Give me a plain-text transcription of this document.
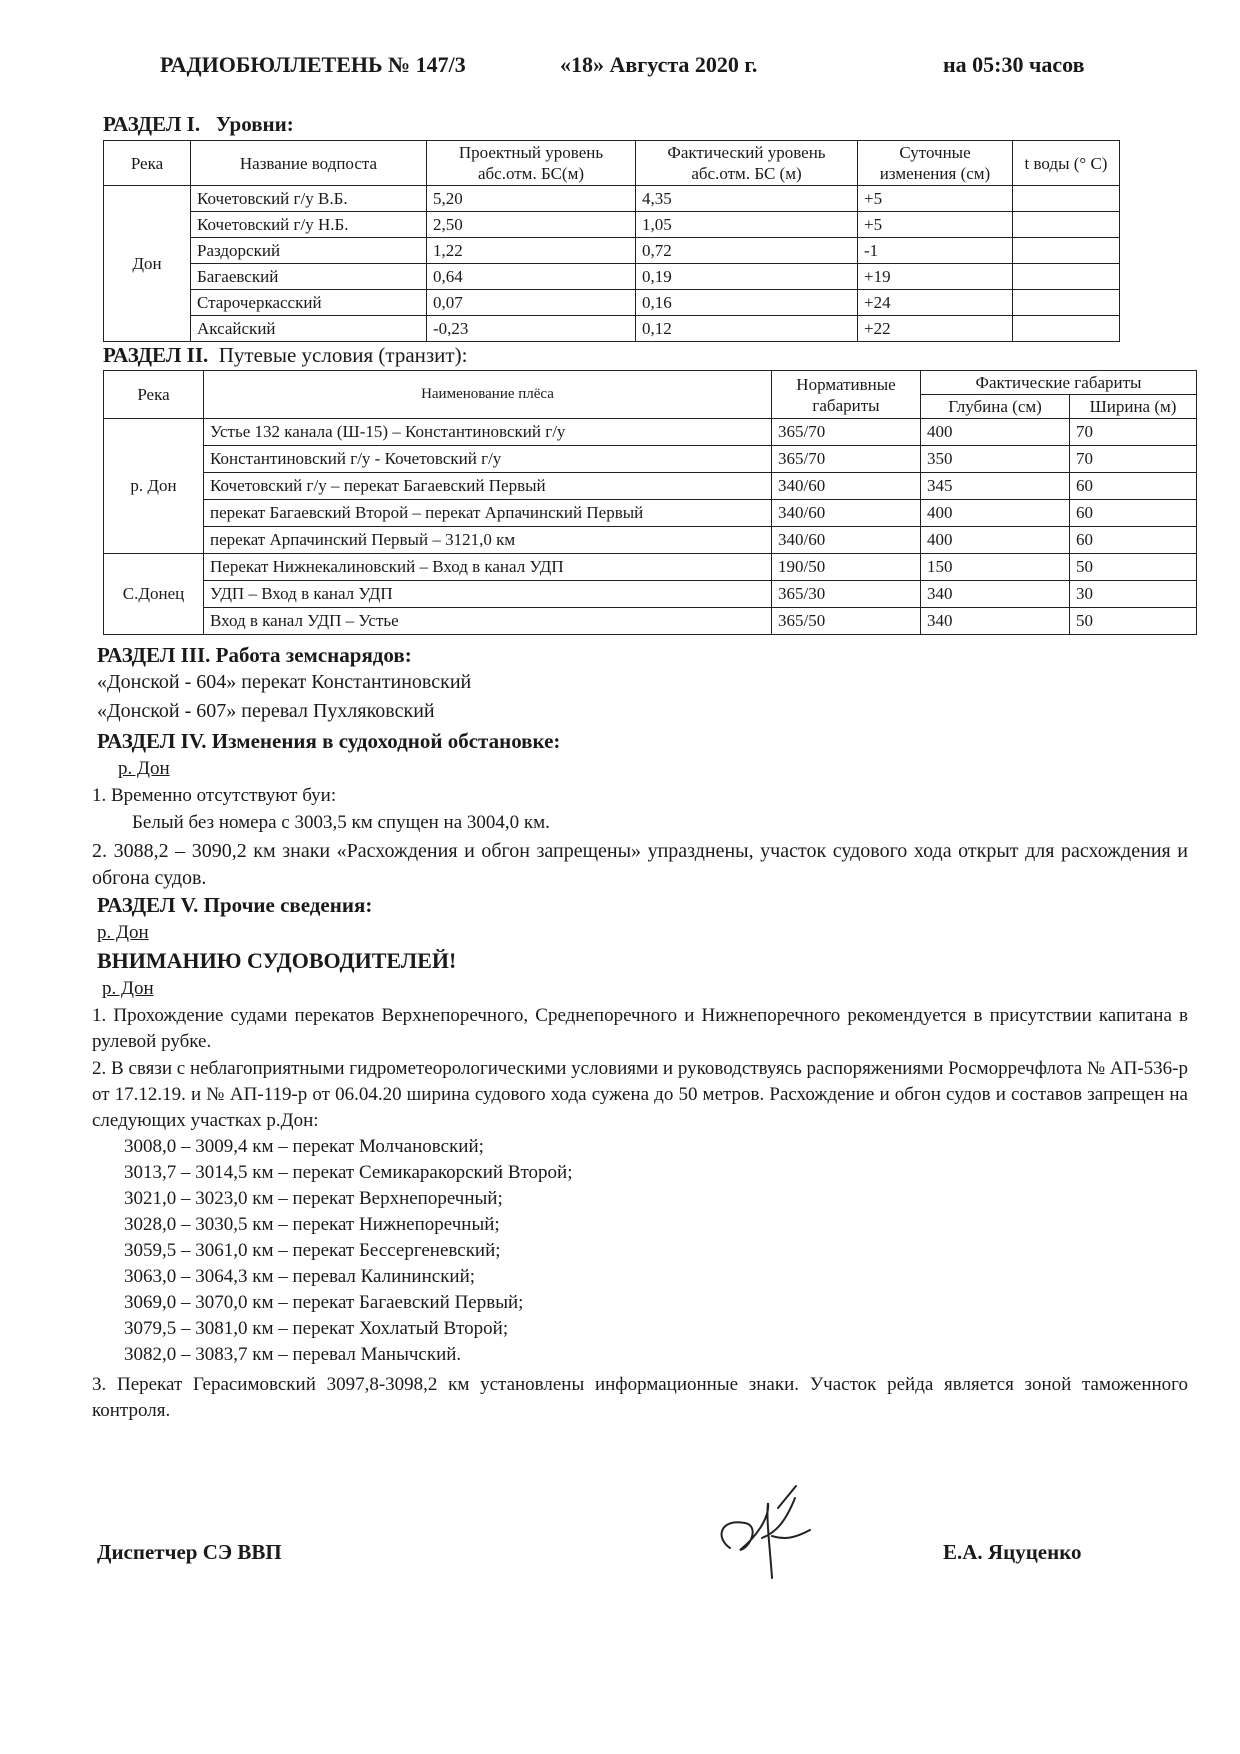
РАДИОБЮЛЛЕТЕНЬ № 147/3	«18» Августа 2020 г.	на 05:30 часов
РАЗДЕЛ I. Уровни:
Река	Название водпоста	Проектный уровень абс.отм. БС(м)	Фактический уровень абс.отм. БС (м)	Суточные изменения (см)	t воды (° C)
Дон	Кочетовский г/у В.Б.	5,20	4,35	+5	
	Кочетовский г/у Н.Б.	2,50	1,05	+5	
	Раздорский	1,22	0,72	-1	
	Багаевский	0,64	0,19	+19	
	Старочеркасский	0,07	0,16	+24	
	Аксайский	-0,23	0,12	+22	
РАЗДЕЛ II. Путевые условия (транзит):
Река	Наименование плёса	Нормативные габариты	Фактические габариты	
			Глубина (см)	Ширина (м)
р. Дон	Устье 132 канала (Ш-15) – Константиновский г/у	365/70	400	70
	Константиновский г/у - Кочетовский г/у	365/70	350	70
	Кочетовский г/у – перекат Багаевский Первый	340/60	345	60
	перекат Багаевский Второй – перекат Арпачинский Первый	340/60	400	60
	перекат Арпачинский Первый – 3121,0 км	340/60	400	60
С.Донец	Перекат Нижнекалиновский – Вход в канал УДП	190/50	150	50
	УДП – Вход в канал УДП	365/30	340	30
	Вход в канал УДП – Устье	365/50	340	50
РАЗДЕЛ III. Работа земснарядов:
«Донской - 604» перекат Константиновский
«Донской - 607» перевал Пухляковский
РАЗДЕЛ IV. Изменения в судоходной обстановке:
р. Дон
1. Временно отсутствуют буи:
Белый без номера с 3003,5 км спущен на 3004,0 км.
2. 3088,2 – 3090,2 км знаки «Расхождения и обгон запрещены» упразднены, участок судового хода открыт для расхождения и обгона судов.
РАЗДЕЛ V. Прочие сведения:
р. Дон
ВНИМАНИЮ СУДОВОДИТЕЛЕЙ!
р. Дон
1. Прохождение судами перекатов Верхнепоречного, Среднепоречного и Нижнепоречного рекомендуется в присутствии капитана в рулевой рубке.
2. В связи с неблагоприятными гидрометеорологическими условиями и руководствуясь распоряжениями Росморречфлота № АП-536-р от 17.12.19. и № АП-119-р от 06.04.20 ширина судового хода сужена до 50 метров. Расхождение и обгон судов и составов запрещен на следующих участках р.Дон:
3008,0 – 3009,4 км – перекат Молчановский;
3013,7 – 3014,5 км – перекат Семикаракорский Второй;
3021,0 – 3023,0 км – перекат Верхнепоречный;
3028,0 – 3030,5 км – перекат Нижнепоречный;
3059,5 – 3061,0 км – перекат Бессергеневский;
3063,0 – 3064,3 км – перевал Калининский;
3069,0 – 3070,0 км – перекат Багаевский Первый;
3079,5 – 3081,0 км – перекат Хохлатый Второй;
3082,0 – 3083,7 км – перевал Манычский.
3. Перекат Герасимовский 3097,8-3098,2 км установлены информационные знаки. Участок рейда является зоной таможенного контроля.
Диспетчер СЭ ВВП	Е.А. Яцуценко
